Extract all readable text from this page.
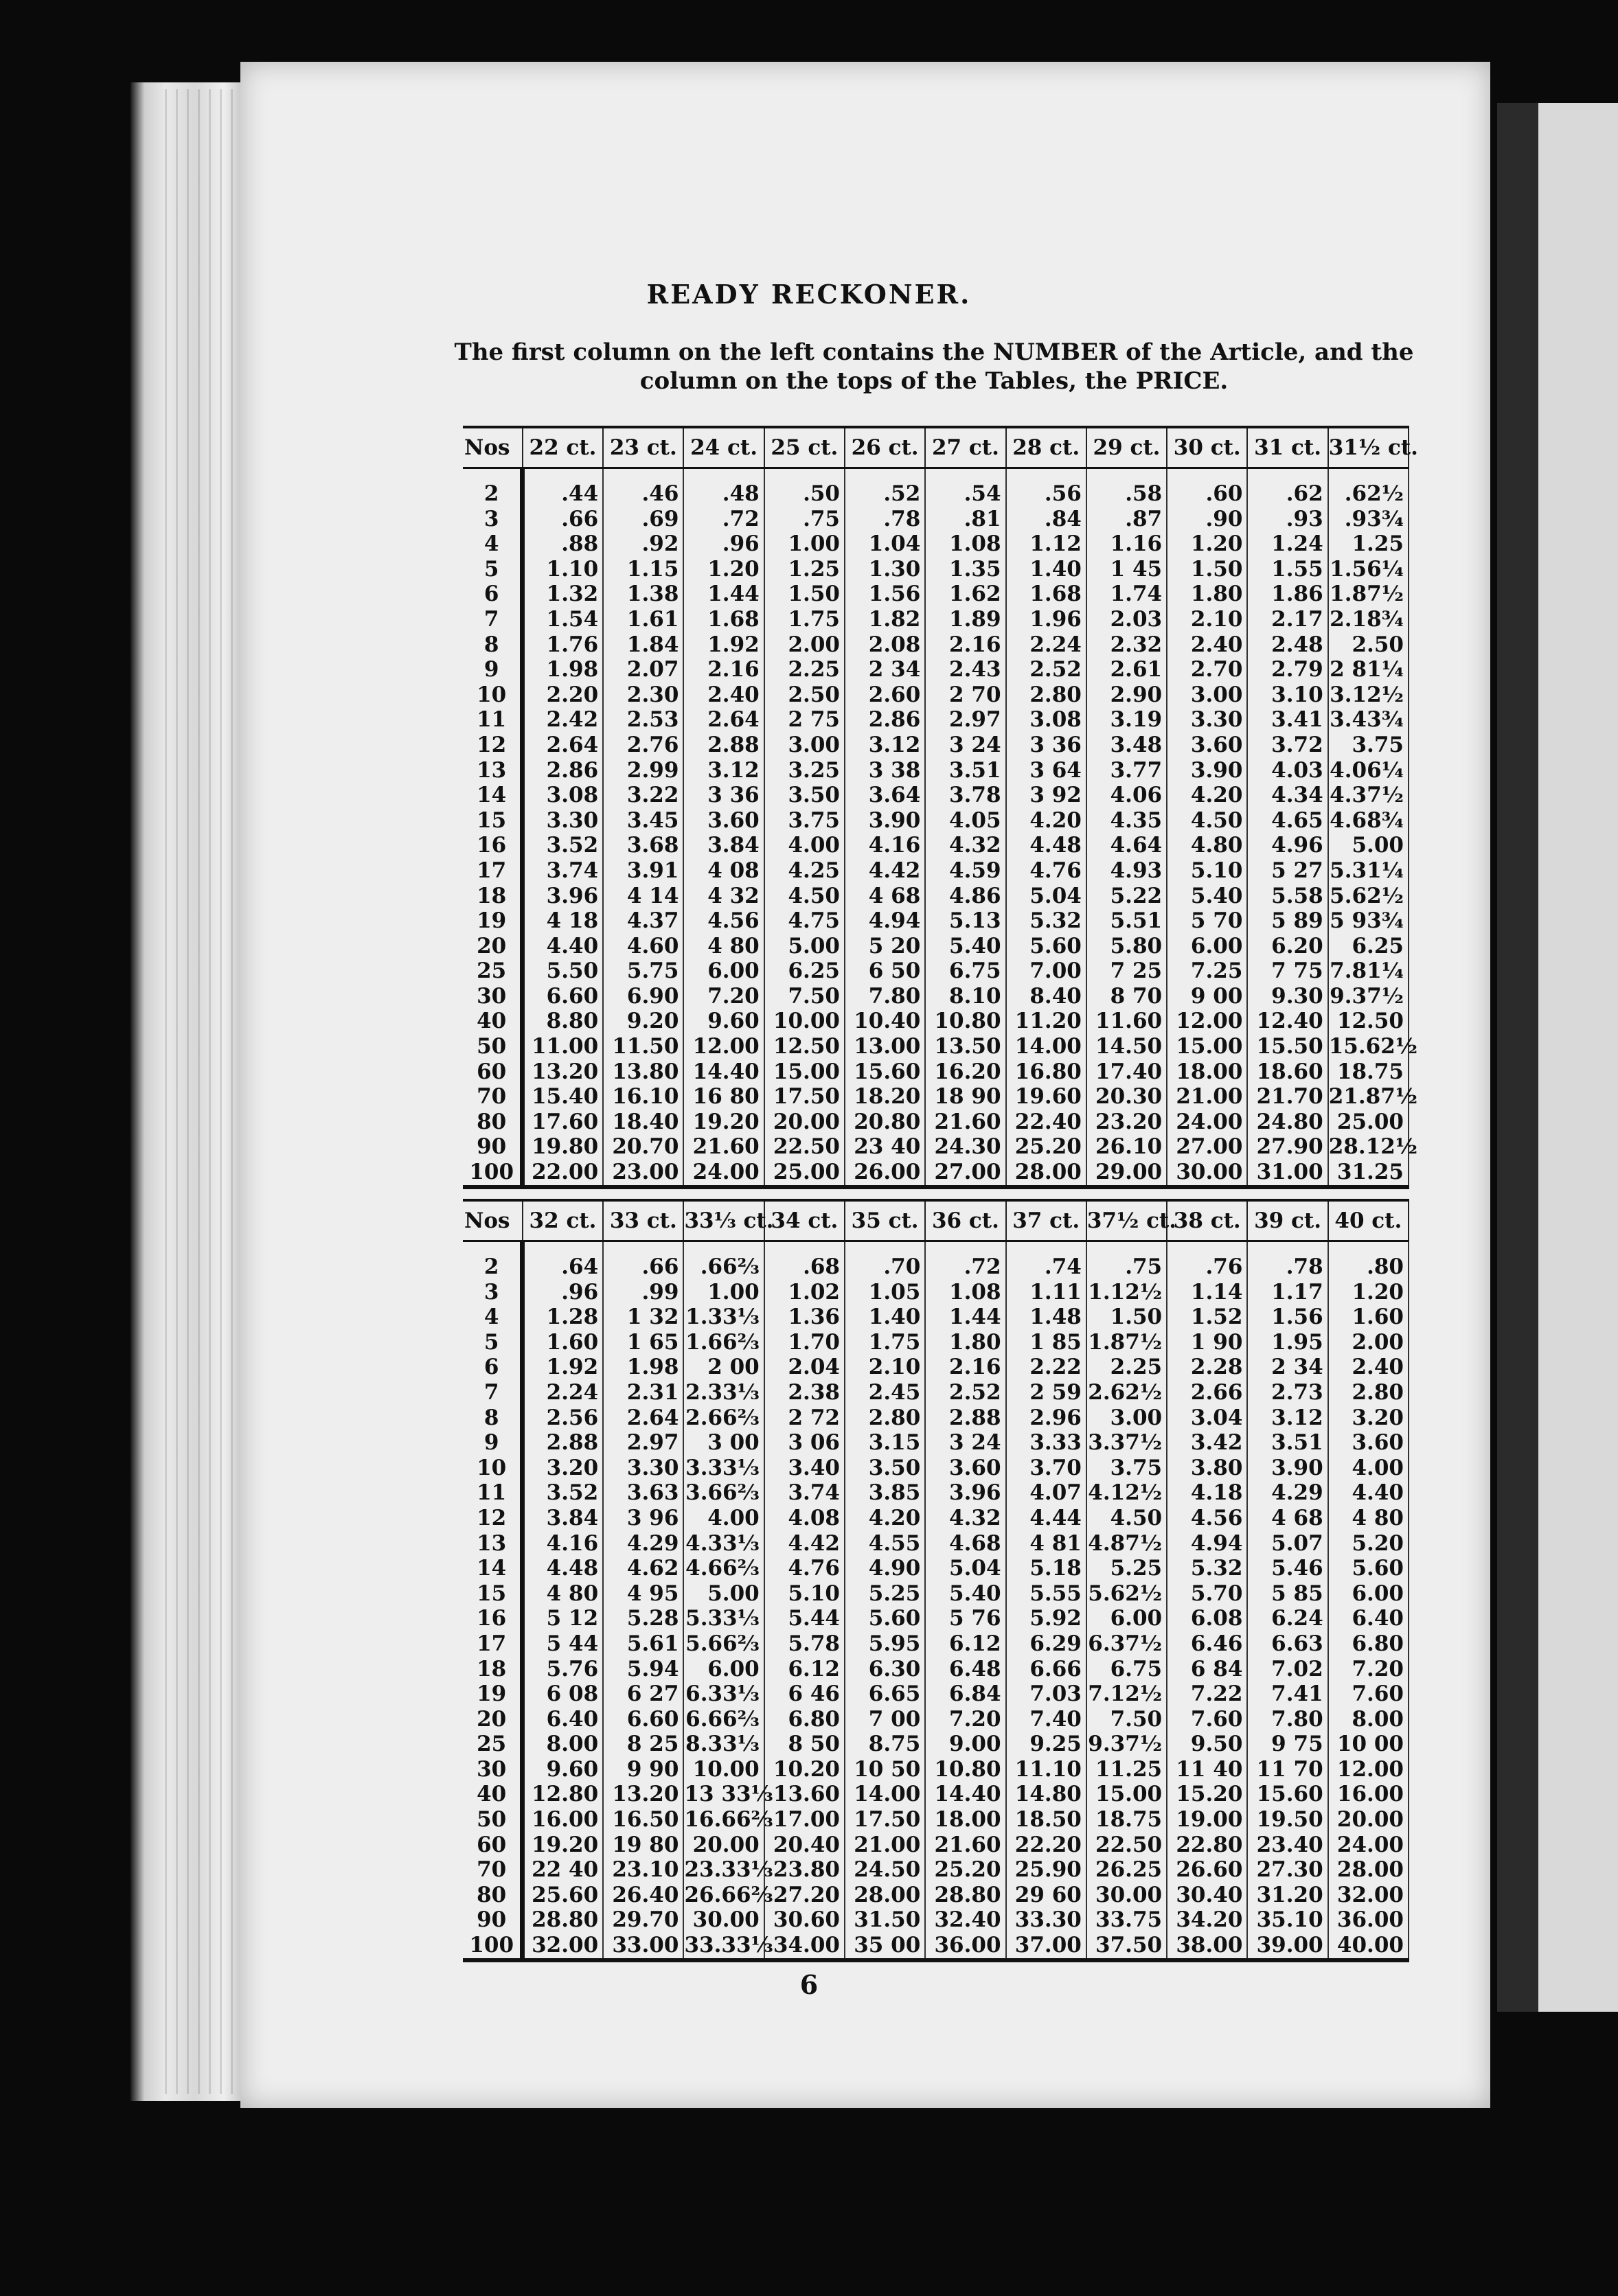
READY RECKONER.
The first column on the left contains the NUMBER of the Article, and the
column on the tops of the Tables, the PRICE.
Nos	22 ct.	23 ct.	24 ct.	25 ct.	26 ct.	27 ct.	28 ct.	29 ct.	30 ct.	31 ct.	31½ ct.

2	.44	.46	.48	.50	.52	.54	.56	.58	.60	.62	.62½
3	.66	.69	.72	.75	.78	.81	.84	.87	.90	.93	.93¾
4	.88	.92	.96	1.00	1.04	1.08	1.12	1.16	1.20	1.24	1.25
5	1.10	1.15	1.20	1.25	1.30	1.35	1.40	1 45	1.50	1.55	1.56¼
6	1.32	1.38	1.44	1.50	1.56	1.62	1.68	1.74	1.80	1.86	1.87½
7	1.54	1.61	1.68	1.75	1.82	1.89	1.96	2.03	2.10	2.17	2.18¾
8	1.76	1.84	1.92	2.00	2.08	2.16	2.24	2.32	2.40	2.48	2.50
9	1.98	2.07	2.16	2.25	2 34	2.43	2.52	2.61	2.70	2.79	2 81¼
10	2.20	2.30	2.40	2.50	2.60	2 70	2.80	2.90	3.00	3.10	3.12½
11	2.42	2.53	2.64	2 75	2.86	2.97	3.08	3.19	3.30	3.41	3.43¾
12	2.64	2.76	2.88	3.00	3.12	3 24	3 36	3.48	3.60	3.72	3.75
13	2.86	2.99	3.12	3.25	3 38	3.51	3 64	3.77	3.90	4.03	4.06¼
14	3.08	3.22	3 36	3.50	3.64	3.78	3 92	4.06	4.20	4.34	4.37½
15	3.30	3.45	3.60	3.75	3.90	4.05	4.20	4.35	4.50	4.65	4.68¾
16	3.52	3.68	3.84	4.00	4.16	4.32	4.48	4.64	4.80	4.96	5.00
17	3.74	3.91	4 08	4.25	4.42	4.59	4.76	4.93	5.10	5 27	5.31¼
18	3.96	4 14	4 32	4.50	4 68	4.86	5.04	5.22	5.40	5.58	5.62½
19	4 18	4.37	4.56	4.75	4.94	5.13	5.32	5.51	5 70	5 89	5 93¾
20	4.40	4.60	4 80	5.00	5 20	5.40	5.60	5.80	6.00	6.20	6.25
25	5.50	5.75	6.00	6.25	6 50	6.75	7.00	7 25	7.25	7 75	7.81¼
30	6.60	6.90	7.20	7.50	7.80	8.10	8.40	8 70	9 00	9.30	9.37½
40	8.80	9.20	9.60	10.00	10.40	10.80	11.20	11.60	12.00	12.40	12.50
50	11.00	11.50	12.00	12.50	13.00	13.50	14.00	14.50	15.00	15.50	15.62½
60	13.20	13.80	14.40	15.00	15.60	16.20	16.80	17.40	18.00	18.60	18.75
70	15.40	16.10	16 80	17.50	18.20	18 90	19.60	20.30	21.00	21.70	21.87½
80	17.60	18.40	19.20	20.00	20.80	21.60	22.40	23.20	24.00	24.80	25.00
90	19.80	20.70	21.60	22.50	23 40	24.30	25.20	26.10	27.00	27.90	28.12½
100	22.00	23.00	24.00	25.00	26.00	27.00	28.00	29.00	30.00	31.00	31.25
Nos	32 ct.	33 ct.	33⅓ ct.	34 ct.	35 ct.	36 ct.	37 ct.	37½ ct.	38 ct.	39 ct.	40 ct.

2	.64	.66	.66⅔	.68	.70	.72	.74	.75	.76	.78	.80
3	.96	.99	1.00	1.02	1.05	1.08	1.11	1.12½	1.14	1.17	1.20
4	1.28	1 32	1.33⅓	1.36	1.40	1.44	1.48	1.50	1.52	1.56	1.60
5	1.60	1 65	1.66⅔	1.70	1.75	1.80	1 85	1.87½	1 90	1.95	2.00
6	1.92	1.98	2 00	2.04	2.10	2.16	2.22	2.25	2.28	2 34	2.40
7	2.24	2.31	2.33⅓	2.38	2.45	2.52	2 59	2.62½	2.66	2.73	2.80
8	2.56	2.64	2.66⅔	2 72	2.80	2.88	2.96	3.00	3.04	3.12	3.20
9	2.88	2.97	3 00	3 06	3.15	3 24	3.33	3.37½	3.42	3.51	3.60
10	3.20	3.30	3.33⅓	3.40	3.50	3.60	3.70	3.75	3.80	3.90	4.00
11	3.52	3.63	3.66⅔	3.74	3.85	3.96	4.07	4.12½	4.18	4.29	4.40
12	3.84	3 96	4.00	4.08	4.20	4.32	4.44	4.50	4.56	4 68	4 80
13	4.16	4.29	4.33⅓	4.42	4.55	4.68	4 81	4.87½	4.94	5.07	5.20
14	4.48	4.62	4.66⅔	4.76	4.90	5.04	5.18	5.25	5.32	5.46	5.60
15	4 80	4 95	5.00	5.10	5.25	5.40	5.55	5.62½	5.70	5 85	6.00
16	5 12	5.28	5.33⅓	5.44	5.60	5 76	5.92	6.00	6.08	6.24	6.40
17	5 44	5.61	5.66⅔	5.78	5.95	6.12	6.29	6.37½	6.46	6.63	6.80
18	5.76	5.94	6.00	6.12	6.30	6.48	6.66	6.75	6 84	7.02	7.20
19	6 08	6 27	6.33⅓	6 46	6.65	6.84	7.03	7.12½	7.22	7.41	7.60
20	6.40	6.60	6.66⅔	6.80	7 00	7.20	7.40	7.50	7.60	7.80	8.00
25	8.00	8 25	8.33⅓	8 50	8.75	9.00	9.25	9.37½	9.50	9 75	10 00
30	9.60	9 90	10.00	10.20	10 50	10.80	11.10	11.25	11 40	11 70	12.00
40	12.80	13.20	13 33⅓	13.60	14.00	14.40	14.80	15.00	15.20	15.60	16.00
50	16.00	16.50	16.66⅔	17.00	17.50	18.00	18.50	18.75	19.00	19.50	20.00
60	19.20	19 80	20.00	20.40	21.00	21.60	22.20	22.50	22.80	23.40	24.00
70	22 40	23.10	23.33⅓	23.80	24.50	25.20	25.90	26.25	26.60	27.30	28.00
80	25.60	26.40	26.66⅔	27.20	28.00	28.80	29 60	30.00	30.40	31.20	32.00
90	28.80	29.70	30.00	30.60	31.50	32.40	33.30	33.75	34.20	35.10	36.00
100	32.00	33.00	33.33⅓	34.00	35 00	36.00	37.00	37.50	38.00	39.00	40.00
6
